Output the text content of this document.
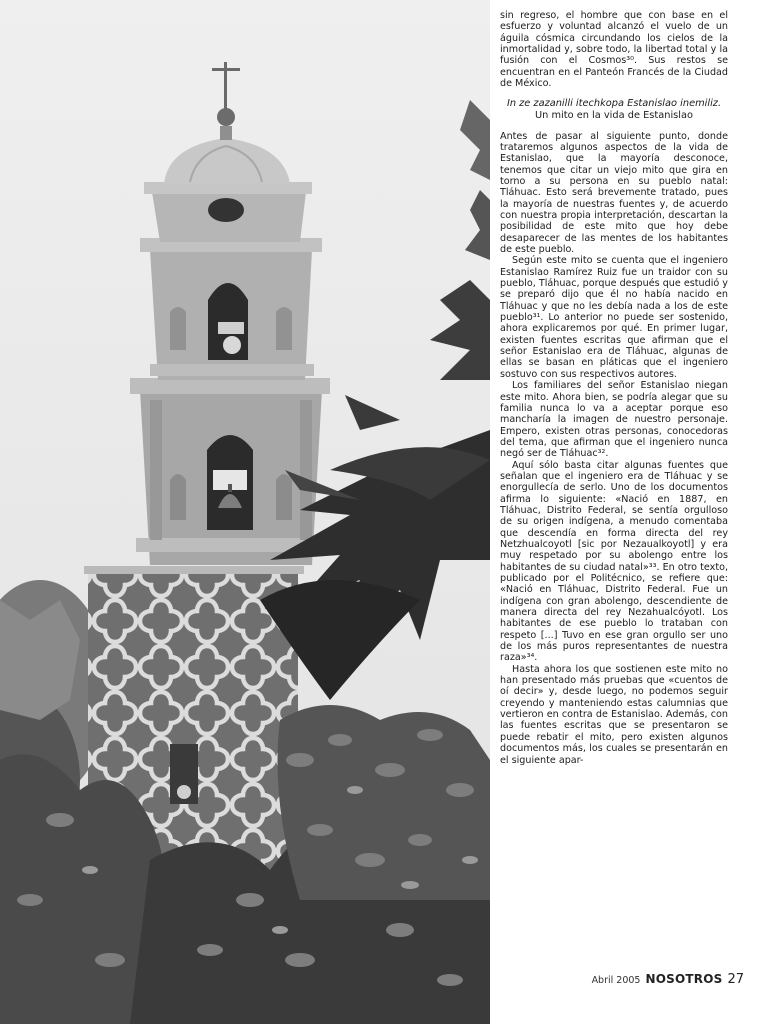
sin regreso, el hombre que con base en el esfuerzo y voluntad alcanzó el vuelo de un águila cósmica circundando los cielos de la inmortalidad y, sobre todo, la libertad total y la fusión con el Cosmos³⁰. Sus restos se encuentran en el Panteón Francés de la Ciudad de México.

In ze zazanilli itechkopa Estanislao inemiliz.
Un mito en la vida de Estanislao

Antes de pasar al siguiente punto, donde trataremos algunos aspectos de la vida de Estanislao, que la mayoría desconoce, tenemos que citar un viejo mito que gira en torno a su persona en su pueblo natal: Tláhuac. Esto será brevemente tratado, pues la mayoría de nuestras fuentes y, de acuerdo con nuestra propia interpretación, descartan la posibilidad de este mito que hoy debe desaparecer de las mentes de los habitantes de este pueblo.

Según este mito se cuenta que el ingeniero Estanislao Ramírez Ruiz fue un traidor con su pueblo, Tláhuac, porque después que estudió y se preparó dijo que él no había nacido en Tláhuac y que no les debía nada a los de este pueblo³¹. Lo anterior no puede ser sostenido, ahora explicaremos por qué. En primer lugar, existen fuentes escritas que afirman que el señor Estanislao era de Tláhuac, algunas de ellas se basan en pláticas que el ingeniero sostuvo con sus respectivos autores.

Los familiares del señor Estanislao niegan este mito. Ahora bien, se podría alegar que su familia nunca lo va a aceptar porque eso mancharía la imagen de nuestro personaje. Empero, existen otras personas, conocedoras del tema, que afirman que el ingeniero nunca negó ser de Tláhuac³².

Aquí sólo basta citar algunas fuentes que señalan que el ingeniero era de Tláhuac y se enorgullecía de serlo. Uno de los documentos afirma lo siguiente: «Nació en 1887, en Tláhuac, Distrito Federal, se sentía orgulloso de su origen indígena, a menudo comentaba que descendía en forma directa del rey Netzhualcoyotl [sic por Nezaualkoyotl] y era muy respetado por su abolengo entre los habitantes de su ciudad natal»³³. En otro texto, publicado por el Politécnico, se refiere que: «Nació en Tláhuac, Distrito Federal. Fue un indígena con gran abolengo, descendiente de manera directa del rey Nezahualcóyotl. Los habitantes de ese pueblo lo trataban con respeto [...] Tuvo en ese gran orgullo ser uno de los más puros representantes de nuestra raza»³⁴.

Hasta ahora los que sostienen este mito no han presentado más pruebas que «cuentos de oí decir» y, desde luego, no podemos seguir creyendo y manteniendo estas calumnias que vertieron en contra de Estanislao. Además, con las fuentes escritas que se presentaron se puede rebatir el mito, pero existen algunos documentos más, los cuales se presentarán en el siguiente apar-

Abril 2005 NOSOTROS 27
